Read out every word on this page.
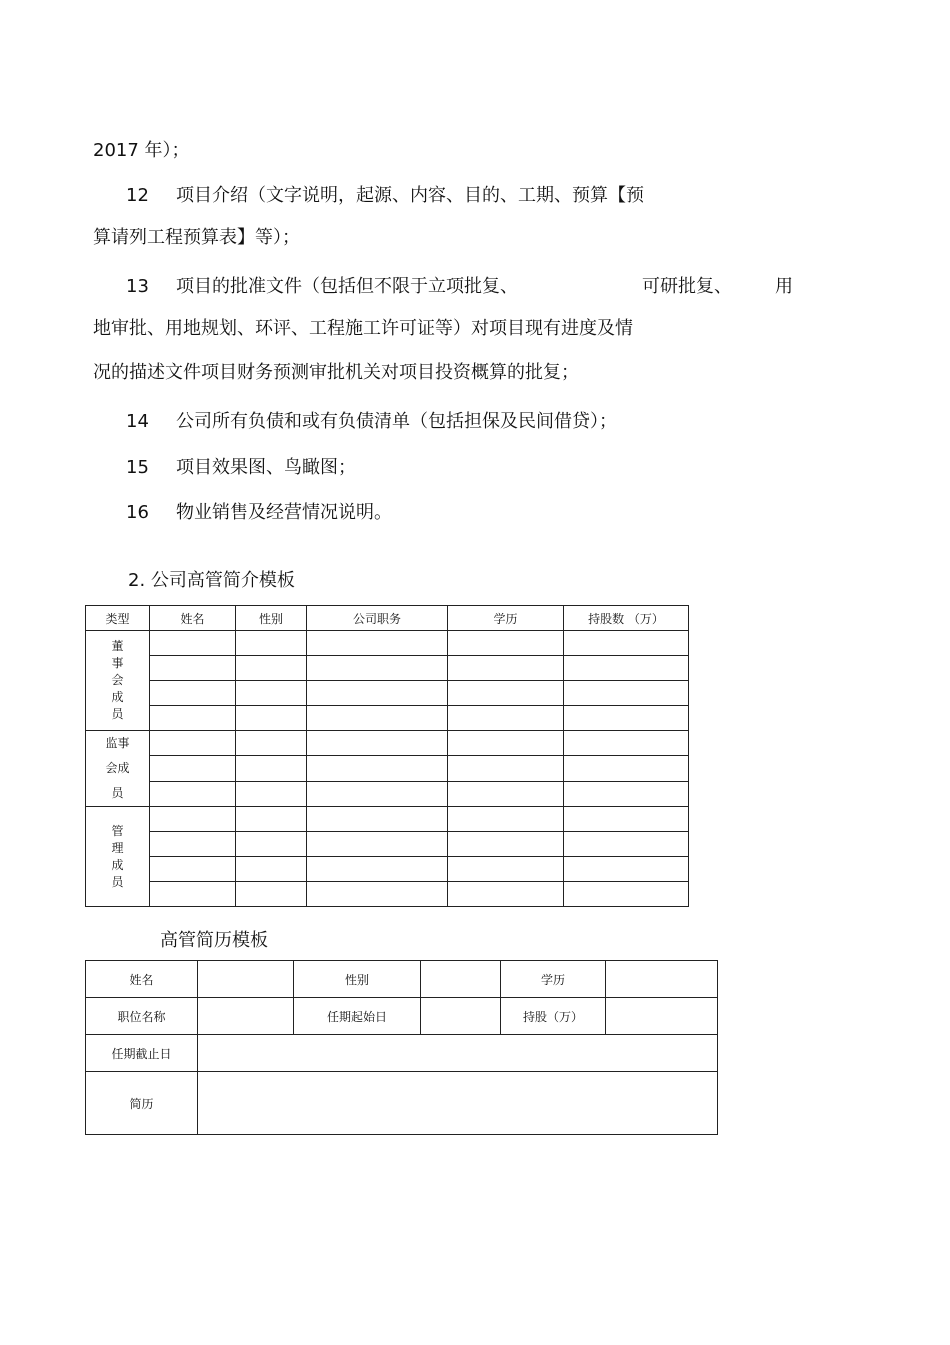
2017 年）；
12 项目介绍（文字说明，起源、内容、目的、工期、预算【预
算请列工程预算表】等）；
13 项目的批准文件（包括但不限于立项批复、	可研批复、 用
地审批、用地规划、环评、工程施工许可证等）对项目现有进度及情
况的描述文件项目财务预测审批机关对项目投资概算的批复；
14 公司所有负债和或有负债清单（包括担保及民间借贷）；
15 项目效果图、鸟瞰图；
16 物业销售及经营情况说明。
2. 公司高管简介模板
类型	姓名	性别	公司职务	学历	持股数 （万）

董事会成员					

监事会成员					

管理成员					

高管简历模板
姓名		性别		学历	
职位名称		任期起始日		持股（万）	
任期截止日					
简历					
